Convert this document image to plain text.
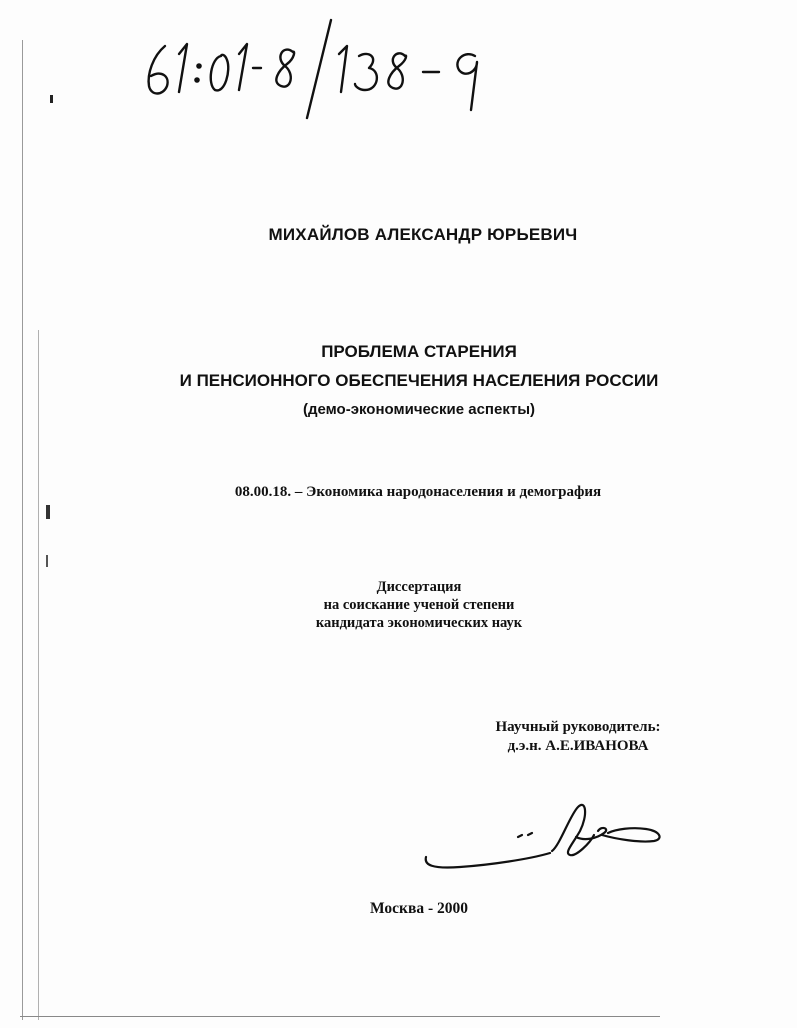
МИХАЙЛОВ АЛЕКСАНДР ЮРЬЕВИЧ
ПРОБЛЕМА СТАРЕНИЯ
И ПЕНСИОННОГО ОБЕСПЕЧЕНИЯ НАСЕЛЕНИЯ РОССИИ
(демо-экономические аспекты)
08.00.18. – Экономика народонаселения и демография
Диссертация
на соискание ученой степени
кандидата экономических наук
Научный руководитель:
д.э.н. А.Е.ИВАНОВА
Москва - 2000
